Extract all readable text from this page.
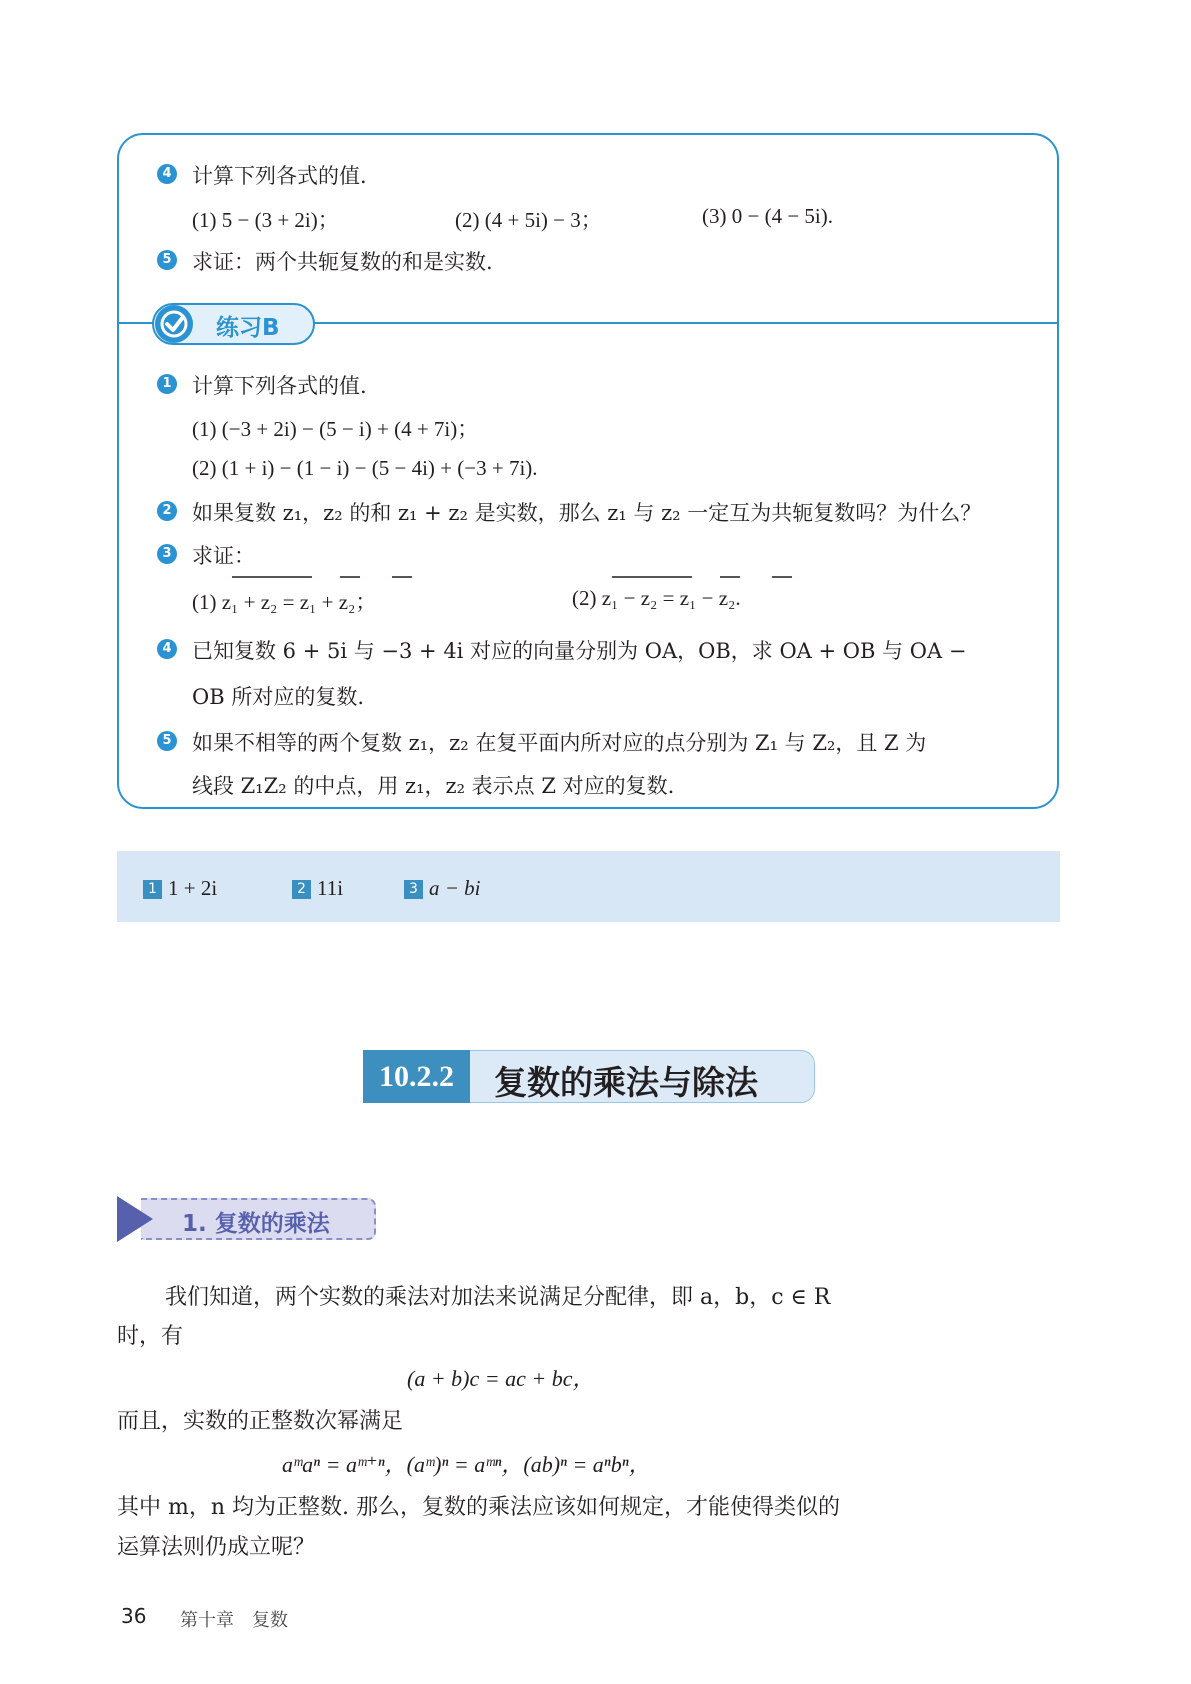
4 计算下列各式的值.
(1) 5 − (3 + 2i)；	(2) (4 + 5i) − 3；	(3) 0 − (4 − 5i).
5 求证：两个共轭复数的和是实数.
练习B
1 计算下列各式的值.
(1) (−3 + 2i) − (5 − i) + (4 + 7i)；
(2) (1 + i) − (1 − i) − (5 − 4i) + (−3 + 7i).
2 如果复数 z₁，z₂ 的和 z₁ + z₂ 是实数，那么 z₁ 与 z₂ 一定互为共轭复数吗？为什么？
3 求证：
(1) z₁ + z₂ = z₁ + z₂；	(2) z₁ − z₂ = z₁ − z₂.
4 已知复数 6 + 5i 与 −3 + 4i 对应的向量分别为 OA，OB，求 OA + OB 与 OA −
OB 所对应的复数.
5 如果不相等的两个复数 z₁，z₂ 在复平面内所对应的点分别为 Z₁ 与 Z₂，且 Z 为
线段 Z₁Z₂ 的中点，用 z₁，z₂ 表示点 Z 对应的复数.
1 1 + 2i	2 11i	3 a − bi
10.2.2	复数的乘法与除法
1. 复数的乘法
我们知道，两个实数的乘法对加法来说满足分配律，即 a，b，c ∈ R
时，有
(a + b)c = ac + bc，
而且，实数的正整数次幂满足
aᵐaⁿ = aᵐ⁺ⁿ，(aᵐ)ⁿ = aᵐⁿ，(ab)ⁿ = aⁿbⁿ，
其中 m，n 均为正整数. 那么，复数的乘法应该如何规定，才能使得类似的
运算法则仍成立呢？
36 第十章　复数
